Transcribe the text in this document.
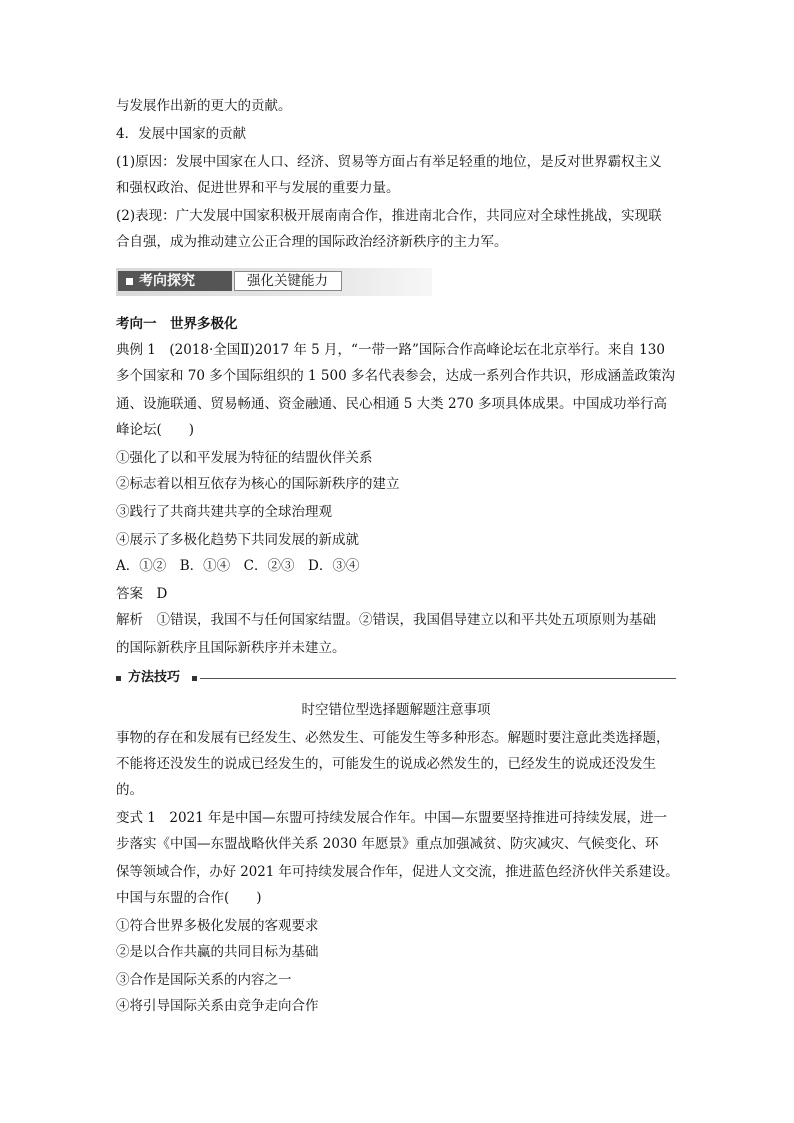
与发展作出新的更大的贡献。
4．发展中国家的贡献
(1)原因：发展中国家在人口、经济、贸易等方面占有举足轻重的地位，是反对世界霸权主义
和强权政治、促进世界和平与发展的重要力量。
(2)表现：广大发展中国家积极开展南南合作，推进南北合作，共同应对全球性挑战，实现联
合自强，成为推动建立公正合理的国际政治经济新秩序的主力军。
考向探究	强化关键能力
考向一　世界多极化
典例 1　(2018·全国Ⅱ)2017 年 5 月，“一带一路”国际合作高峰论坛在北京举行。来自 130
多个国家和 70 多个国际组织的 1 500 多名代表参会，达成一系列合作共识，形成涵盖政策沟
通、设施联通、贸易畅通、资金融通、民心相通 5 大类 270 多项具体成果。中国成功举行高
峰论坛(　　)
①强化了以和平发展为特征的结盟伙伴关系
②标志着以相互依存为核心的国际新秩序的建立
③践行了共商共建共享的全球治理观
④展示了多极化趋势下共同发展的新成就
A．①②　B．①④　C．②③　D．③④
答案　D
解析　①错误，我国不与任何国家结盟。②错误，我国倡导建立以和平共处五项原则为基础
的国际新秩序且国际新秩序并未建立。
方法技巧
时空错位型选择题解题注意事项
事物的存在和发展有已经发生、必然发生、可能发生等多种形态。解题时要注意此类选择题，
不能将还没发生的说成已经发生的，可能发生的说成必然发生的，已经发生的说成还没发生
的。
变式 1　2021 年是中国—东盟可持续发展合作年。中国—东盟要坚持推进可持续发展，进一
步落实《中国—东盟战略伙伴关系 2030 年愿景》重点加强减贫、防灾减灾、气候变化、环
保等领域合作，办好 2021 年可持续发展合作年，促进人文交流，推进蓝色经济伙伴关系建设。
中国与东盟的合作(　　)
①符合世界多极化发展的客观要求
②是以合作共赢的共同目标为基础
③合作是国际关系的内容之一
④将引导国际关系由竞争走向合作
